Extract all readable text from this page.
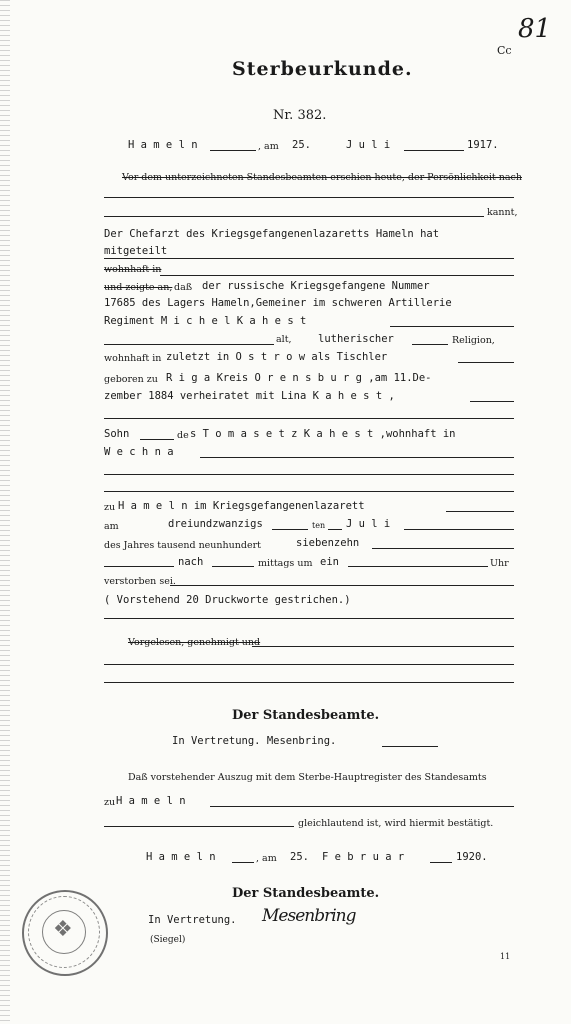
Cc
81
Sterbeurkunde.
Nr. 382.
H a m e l n	, am 25.	J u l i	1917.
Vor dem unterzeichneten Standesbeamten erschien heute, der Persönlichkeit nach
kannt,
Der Chefarzt des Kriegsgefangenenlazaretts Hameln hat
mitgeteilt
wohnhaft in
und zeigte an, daß der russische Kriegsgefangene Nummer
17685 des Lagers Hameln,Gemeiner im schweren Artillerie
Regiment M i c h e l K a h e s t
alt,	lutherischer	Religion,
wohnhaft in zuletzt in O s t r o w als Tischler
geboren zu R i g a Kreis O r e n s b u r g ,am 11.De-
zember 1884 verheiratet mit Lina K a h e s t ,
Sohn	de s T o m a s e t z K a h e s t ,wohnhaft in
W e c h n a
zu H a m e l n im Kriegsgefangenenlazarett
am	dreiundzwanzigs	ten J u l i
des Jahres tausend neunhundert	siebenzehn
nach	mittags um ein	Uhr
verstorben sei.
( Vorstehend 20 Druckworte gestrichen.)
Vorgelesen, genehmigt und
Der Standesbeamte.
In Vertretung. Mesenbring.
Daß vorstehender Auszug mit dem Sterbe-Hauptregister des Standesamts
zu H a m e l n
gleichlautend ist, wird hiermit bestätigt.
H a m e l n	, am 25. F e b r u a r	1920.
Der Standesbeamte.
In Vertretung. Mesenbring
(Siegel)
❖
11
